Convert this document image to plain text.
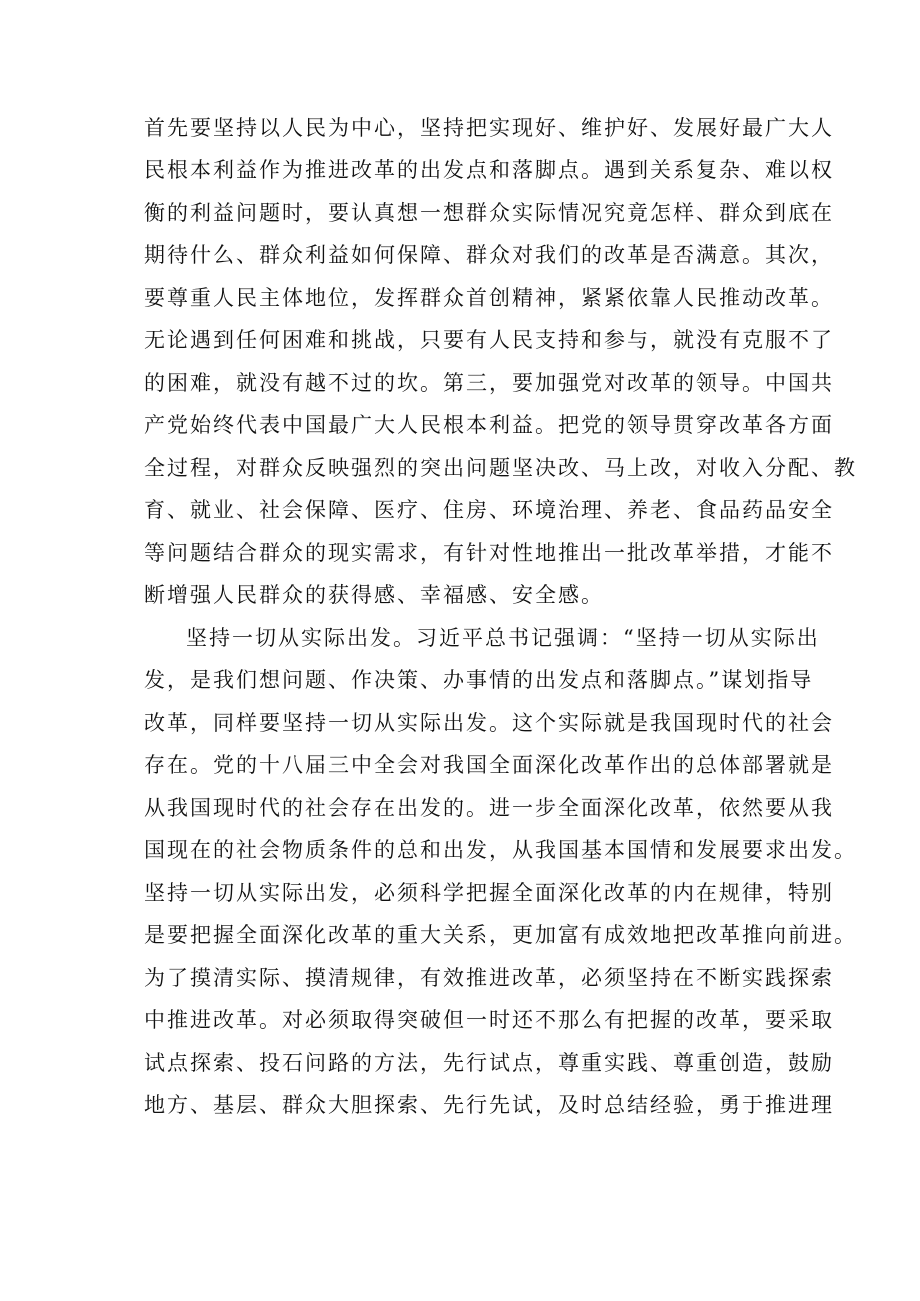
首先要坚持以人民为中心，坚持把实现好、维护好、发展好最广大人
民根本利益作为推进改革的出发点和落脚点。遇到关系复杂、难以权
衡的利益问题时，要认真想一想群众实际情况究竟怎样、群众到底在
期待什么、群众利益如何保障、群众对我们的改革是否满意。其次，
要尊重人民主体地位，发挥群众首创精神，紧紧依靠人民推动改革。
无论遇到任何困难和挑战，只要有人民支持和参与，就没有克服不了
的困难，就没有越不过的坎。第三，要加强党对改革的领导。中国共
产党始终代表中国最广大人民根本利益。把党的领导贯穿改革各方面
全过程，对群众反映强烈的突出问题坚决改、马上改，对收入分配、教
育、就业、社会保障、医疗、住房、环境治理、养老、食品药品安全
等问题结合群众的现实需求，有针对性地推出一批改革举措，才能不
断增强人民群众的获得感、幸福感、安全感。
坚持一切从实际出发。习近平总书记强调：“坚持一切从实际出
发，是我们想问题、作决策、办事情的出发点和落脚点。”谋划指导
改革，同样要坚持一切从实际出发。这个实际就是我国现时代的社会
存在。党的十八届三中全会对我国全面深化改革作出的总体部署就是
从我国现时代的社会存在出发的。进一步全面深化改革，依然要从我
国现在的社会物质条件的总和出发，从我国基本国情和发展要求出发。
坚持一切从实际出发，必须科学把握全面深化改革的内在规律，特别
是要把握全面深化改革的重大关系，更加富有成效地把改革推向前进。
为了摸清实际、摸清规律，有效推进改革，必须坚持在不断实践探索
中推进改革。对必须取得突破但一时还不那么有把握的改革，要采取
试点探索、投石问路的方法，先行试点，尊重实践、尊重创造，鼓励
地方、基层、群众大胆探索、先行先试，及时总结经验，勇于推进理
